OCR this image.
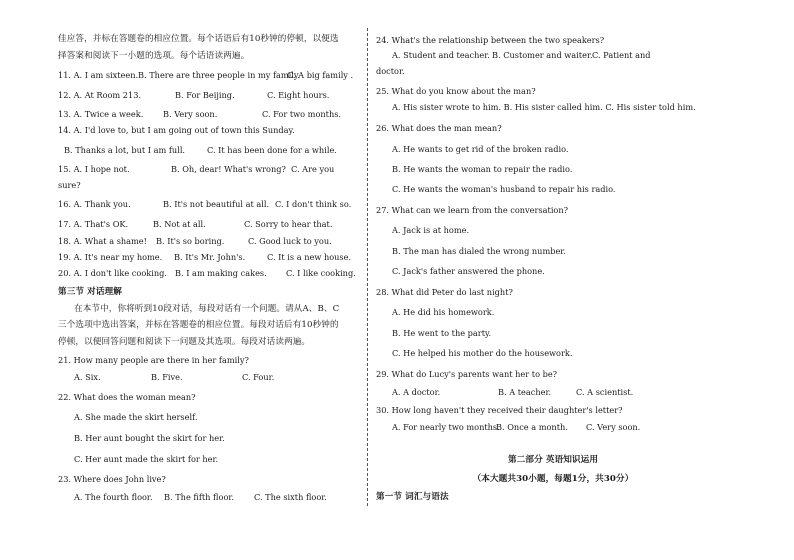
佳应答，并标在答题卷的相应位置。每个话语后有10秒钟的停顿，以便选
择答案和阅读下一小题的选项。每个话语读两遍。
11. A. I am sixteen. B. There are three people in my family.
C. A big family .
12. A. At Room 213.	B. For Beijing.	C. Eight hours.
13. A. Twice a week. B. Very soon.	C. For two months.
14. A. I'd love to, but I am going out of town this Sunday.
B. Thanks a lot, but I am full.	C. It has been done for a while.
15. A. I hope not.	B. Oh, dear! What's wrong? C. Are you
sure?
16. A. Thank you.	B. It's not beautiful at all. C. I don't think so.
17. A. That's OK.	B. Not at all.	C. Sorry to hear that.
18. A. What a shame! B. It's so boring.	C. Good luck to you.
19. A. It's near my home. B. It's Mr. John's.	C. It is a new house.
20. A. I don't like cooking. B. I am making cakes. C. I like cooking.
第三节 对话理解
在本节中，你将听到10段对话，每段对话有一个问题。请从A、B、C
三个选项中选出答案，并标在答题卷的相应位置。每段对话后有10秒钟的
停顿，以便回答问题和阅读下一问题及其选项。每段对话读两遍。
21. How many people are there in her family?
A. Six.	B. Five.	C. Four.
22. What does the woman mean?
A. She made the skirt herself.
B. Her aunt bought the skirt for her.
C. Her aunt made the skirt for her.
23. Where does John live?
A. The fourth floor. B. The fifth floor. C. The sixth floor.
24. What's the relationship between the two speakers?
A. Student and teacher. B. Customer and waiter. C. Patient and
doctor.
25. What do you know about the man?
A. His sister wrote to him. B. His sister called him. C. His sister told him.
26. What does the man mean?
A. He wants to get rid of the broken radio.
B. He wants the woman to repair the radio.
C. He wants the woman's husband to repair his radio.
27. What can we learn from the conversation?
A. Jack is at home.
B. The man has dialed the wrong number.
C. Jack's father answered the phone.
28. What did Peter do last night?
A. He did his homework.
B. He went to the party.
C. He helped his mother do the housework.
29. What do Lucy's parents want her to be?
A. A doctor.	B. A teacher.	C. A scientist.
30. How long haven't they received their daughter's letter?
A. For nearly two months.
B. Once a month. C. Very soon.
第二部分 英语知识运用
（本大题共30小题，每题1分，共30分）
第一节 词汇与语法
